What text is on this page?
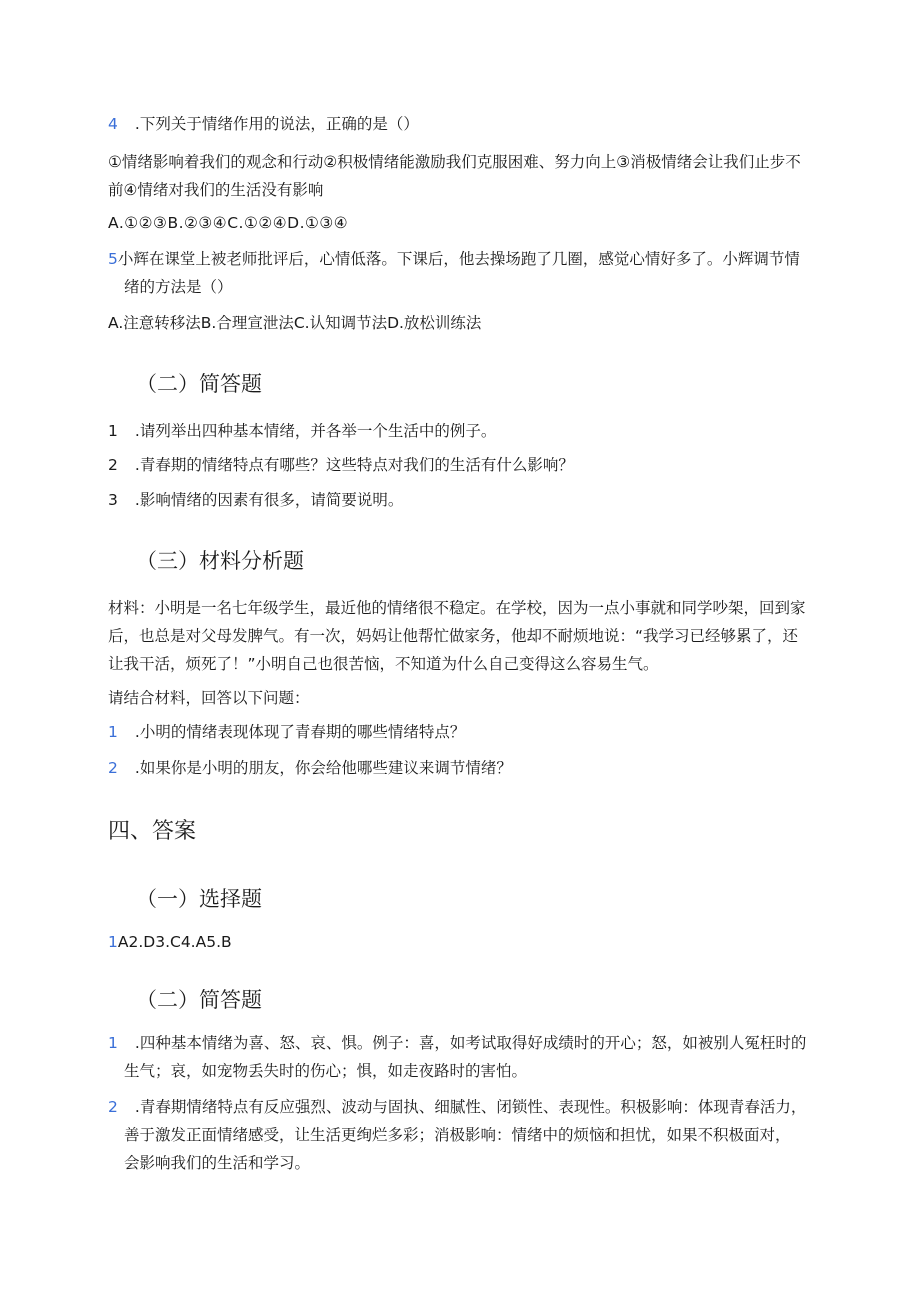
4 .下列关于情绪作用的说法，正确的是（）
①情绪影响着我们的观念和行动②积极情绪能激励我们克服困难、努力向上③消极情绪会让我们止步不
前④情绪对我们的生活没有影响
A.①②③B.②③④C.①②④D.①③④
5小辉在课堂上被老师批评后，心情低落。下课后，他去操场跑了几圈，感觉心情好多了。小辉调节情
绪的方法是（）
A.注意转移法B.合理宣泄法C.认知调节法D.放松训练法
（二）简答题
1 .请列举出四种基本情绪，并各举一个生活中的例子。
2 .青春期的情绪特点有哪些？这些特点对我们的生活有什么影响？
3 .影响情绪的因素有很多，请简要说明。
（三）材料分析题
材料：小明是一名七年级学生，最近他的情绪很不稳定。在学校，因为一点小事就和同学吵架，回到家
后，也总是对父母发脾气。有一次，妈妈让他帮忙做家务，他却不耐烦地说：“我学习已经够累了，还
让我干活，烦死了！”小明自己也很苦恼，不知道为什么自己变得这么容易生气。
请结合材料，回答以下问题：
1 .小明的情绪表现体现了青春期的哪些情绪特点？
2 .如果你是小明的朋友，你会给他哪些建议来调节情绪？
四、答案
（一）选择题
1A2.D3.C4.A5.B
（二）简答题
1 .四种基本情绪为喜、怒、哀、惧。例子：喜，如考试取得好成绩时的开心；怒，如被别人冤枉时的
生气；哀，如宠物丢失时的伤心；惧，如走夜路时的害怕。
2 .青春期情绪特点有反应强烈、波动与固执、细腻性、闭锁性、表现性。积极影响：体现青春活力，
善于激发正面情绪感受，让生活更绚烂多彩；消极影响：情绪中的烦恼和担忧，如果不积极面对，
会影响我们的生活和学习。
